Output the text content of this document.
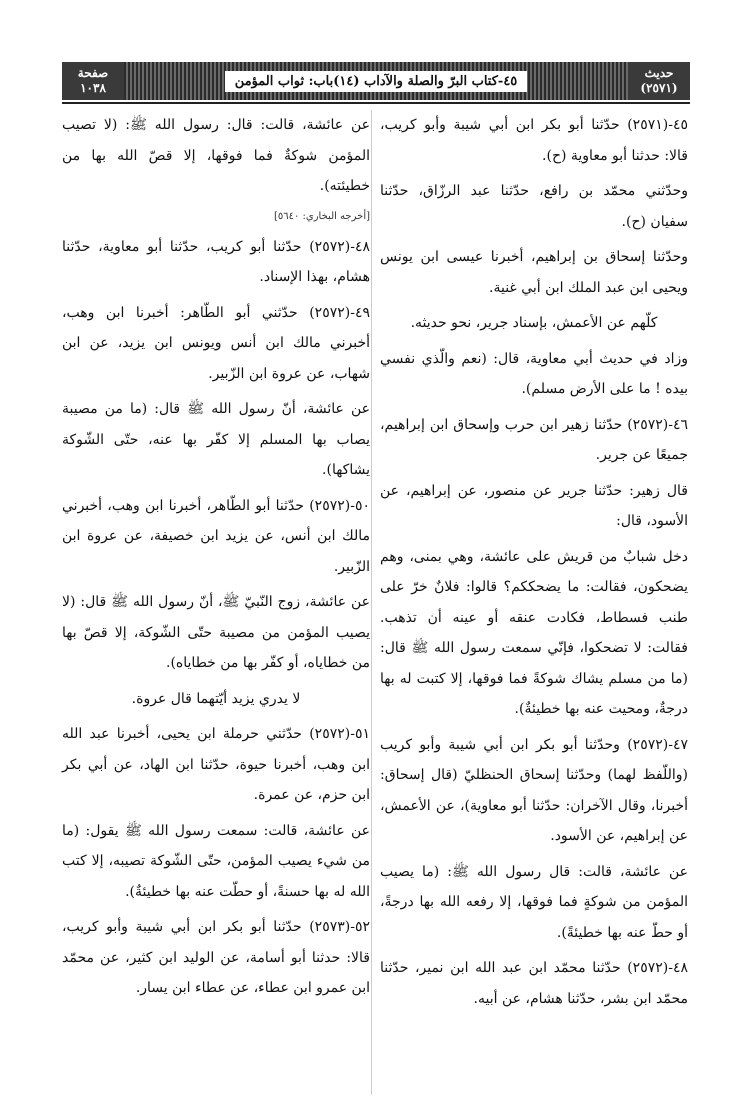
حديث
(٢٥٧١)
٤٥-كتاب البرّ والصلة والآداب (١٤)باب: ثواب المؤمن
صفحة
١٠٣٨

٤٥-(٢٥٧١) حدّثنا أبو بكر ابن أبي شيبة وأبو كريب، قالا: حدثنا أبو معاوية (ح).

وحدّثني محمّد بن رافع، حدّثنا عبد الرزّاق، حدّثنا سفيان (ح).

وحدّثنا إسحاق بن إبراهيم، أخبرنا عيسى ابن يونس ويحيى ابن عبد الملك ابن أبي غنية.

كلّهم عن الأعمش، بإسناد جرير، نحو حديثه.

وزاد في حديث أبي معاوية، قال: (نعم والّذي نفسي بيده ! ما على الأرض مسلم).

٤٦-(٢٥٧٢) حدّثنا زهير ابن حرب وإسحاق ابن إبراهيم، جميعًا عن جرير.

قال زهير: حدّثنا جرير عن منصور، عن إبراهيم، عن الأسود، قال:

دخل شبابٌ من قريش على عائشة، وهي بمنى، وهم يضحكون، فقالت: ما يضحككم؟ قالوا: فلانٌ خرّ على طنب فسطاط، فكادت عنقه أو عينه أن تذهب. فقالت: لا تضحكوا، فإنّي سمعت رسول الله ﷺ قال: (ما من مسلم يشاك شوكةً فما فوقها، إلا كتبت له بها درجةٌ، ومحيت عنه بها خطيئةٌ).

٤٧-(٢٥٧٢) وحدّثنا أبو بكر ابن أبي شيبة وأبو كريب (واللّفظ لهما) وحدّثنا إسحاق الحنظليّ (قال إسحاق: أخبرنا، وقال الآخران: حدّثنا أبو معاوية)، عن الأعمش، عن إبراهيم، عن الأسود.

عن عائشة، قالت: قال رسول الله ﷺ: (ما يصيب المؤمن من شوكةٍ فما فوقها، إلا رفعه الله بها درجةً، أو حطّ عنه بها خطيئةً).

٤٨-(٢٥٧٢) حدّثنا محمّد ابن عبد الله ابن نمير، حدّثنا محمّد ابن بشر، حدّثنا هشام، عن أبيه.

عن عائشة، قالت: قال: رسول الله ﷺ: (لا تصيب المؤمن شوكةٌ فما فوقها، إلا قصّ الله بها من خطيئته).

[أخرجه البخاري: ٥٦٤٠]

٤٨-(٢٥٧٢) حدّثنا أبو كريب، حدّثنا أبو معاوية، حدّثنا هشام، بهذا الإسناد.

٤٩-(٢٥٧٢) حدّثني أبو الطّاهر: أخبرنا ابن وهب، أخبرني مالك ابن أنس ويونس ابن يزيد، عن ابن شهاب، عن عروة ابن الزّبير.

عن عائشة، أنّ رسول الله ﷺ قال: (ما من مصيبة يصاب بها المسلم إلا كفّر بها عنه، حتّى الشّوكة يشاكها).

٥٠-(٢٥٧٢) حدّثنا أبو الطّاهر، أخبرنا ابن وهب، أخبرني مالك ابن أنس، عن يزيد ابن خصيفة، عن عروة ابن الزّبير.

عن عائشة، زوج النّبيّ ﷺ، أنّ رسول الله ﷺ قال: (لا يصيب المؤمن من مصيبة حتّى الشّوكة، إلا قصّ بها من خطاياه، أو كفّر بها من خطاياه).

لا يدري يزيد أيّتهما قال عروة.

٥١-(٢٥٧٢) حدّثني حرملة ابن يحيى، أخبرنا عبد الله ابن وهب، أخبرنا حيوة، حدّثنا ابن الهاد، عن أبي بكر ابن حزم، عن عمرة.

عن عائشة، قالت: سمعت رسول الله ﷺ يقول: (ما من شيء يصيب المؤمن، حتّى الشّوكة تصيبه، إلا كتب الله له بها حسنةً، أو حطّت عنه بها خطيئةٌ).

٥٢-(٢٥٧٣) حدّثنا أبو بكر ابن أبي شيبة وأبو كريب، قالا: حدثنا أبو أسامة، عن الوليد ابن كثير، عن محمّد ابن عمرو ابن عطاء، عن عطاء ابن يسار.
